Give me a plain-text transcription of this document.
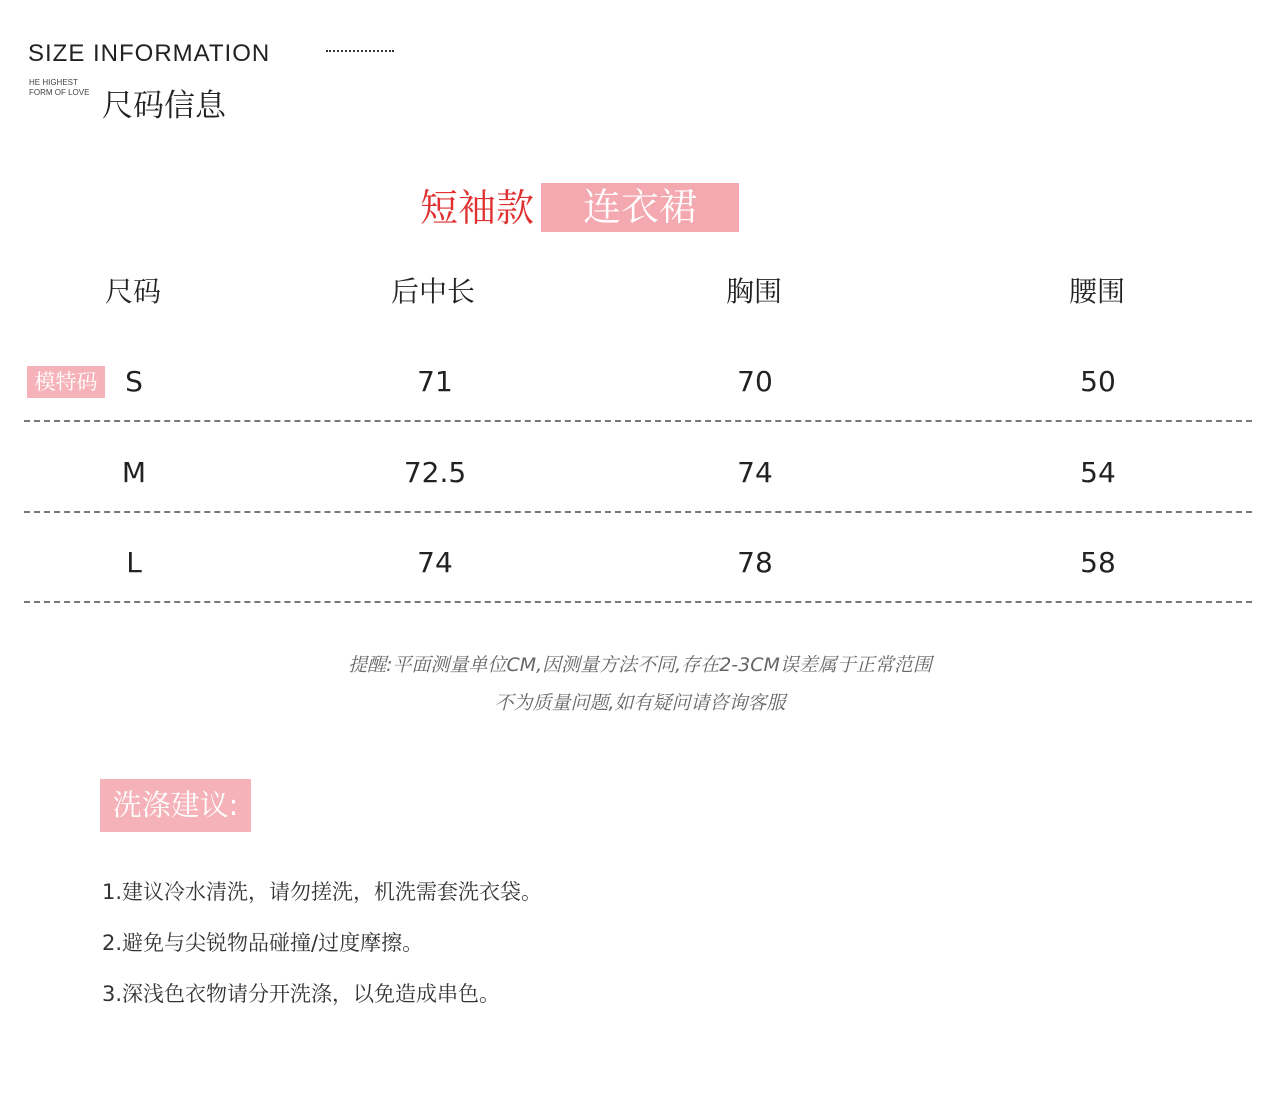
SIZE INFORMATION
HE HIGHEST
FORM OF LOVE 尺码信息
短袖款	连衣裙
尺码	后中长	胸围	腰围
模特码 S	71	70	50
M	72.5	74	54
L	74	78	58
提醒:平面测量单位CM,因测量方法不同,存在2-3CM误差属于正常范围
不为质量问题,如有疑问请咨询客服
洗涤建议:
1.建议冷水清洗，请勿搓洗，机洗需套洗衣袋。
2.避免与尖锐物品碰撞/过度摩擦。
3.深浅色衣物请分开洗涤，以免造成串色。
